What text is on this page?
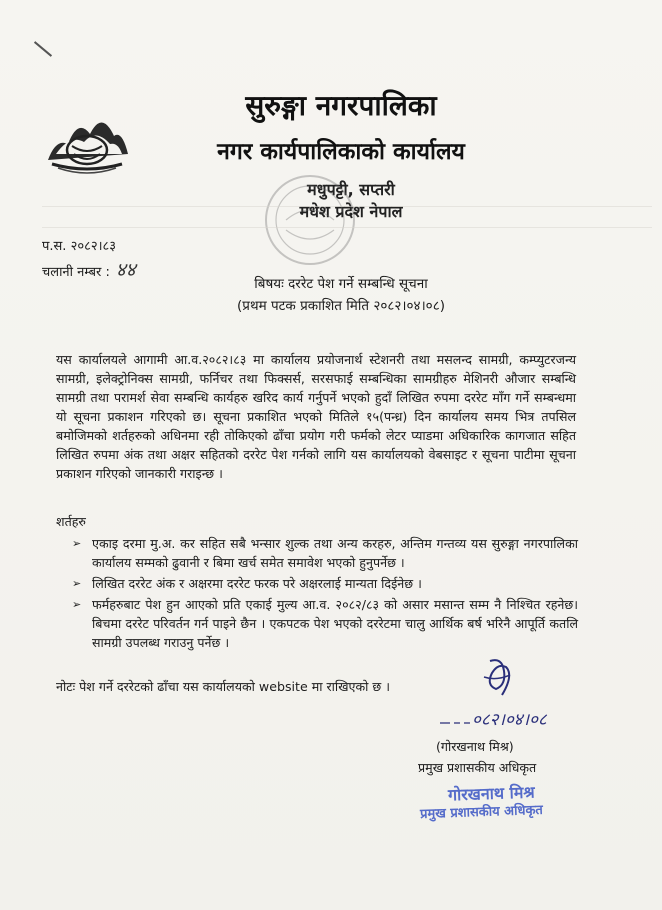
सुरुङ्गा नगरपालिका
नगर कार्यपालिकाको कार्यालय
मधुपट्टी, सप्तरी
मधेश प्रदेश नेपाल
प.स. २०८२।८३
चलानी नम्बर : ४४
बिषयः दररेट पेश गर्ने सम्बन्धि सूचना
(प्रथम पटक प्रकाशित मिति २०८२।०४।०८)
यस कार्यालयले आगामी आ.व.२०८२।८३ मा कार्यालय प्रयोजनार्थ स्टेशनरी तथा मसलन्द सामग्री, कम्प्युटरजन्य सामग्री, इलेक्ट्रोनिक्स सामग्री, फर्निचर तथा फिक्सर्स, सरसफाई सम्बन्धिका सामग्रीहरु मेशिनरी औजार सम्बन्धि सामग्री तथा परामर्श सेवा सम्बन्धि कार्यहरु खरिद कार्य गर्नुपर्ने भएको हुदाँ लिखित रुपमा दररेट माँग गर्ने सम्बन्धमा यो सूचना प्रकाशन गरिएको छ। सूचना प्रकाशित भएको मितिले १५(पन्ध्र) दिन कार्यालय समय भित्र तपसिल बमोजिमको शर्तहरुको अधिनमा रही तोकिएको ढाँचा प्रयोग गरी फर्मको लेटर प्याडमा अधिकारिक कागजात सहित लिखित रुपमा अंक तथा अक्षर सहितको दररेट पेश गर्नको लागि यस कार्यालयको वेबसाइट र सूचना पाटीमा सूचना प्रकाशन गरिएको जानकारी गराइन्छ ।
शर्तहरु
➢ एकाइ दरमा मु.अ. कर सहित सबै भन्सार शुल्क तथा अन्य करहरु, अन्तिम गन्तव्य यस सुरुङ्गा नगरपालिका कार्यालय सम्मको ढुवानी र बिमा खर्च समेत समावेश भएको हुनुपर्नेछ ।
➢ लिखित दररेट अंक र अक्षरमा दररेट फरक परे अक्षरलाई मान्यता दिईनेछ ।
➢ फर्महरुबाट पेश हुन आएको प्रति एकाई मुल्य आ.व. २०८२/८३ को असार मसान्त सम्म नै निश्चित रहनेछ। बिचमा दररेट परिवर्तन गर्न पाइने छैन । एकपटक पेश भएको दररेटमा चालु आर्थिक बर्ष भरिनै आपूर्ति कतलि सामग्री उपलब्ध गराउनु पर्नेछ ।
नोटः पेश गर्ने दररेटको ढाँचा यस कार्यालयको website मा राखिएको छ ।
०८२।०४।०८
(गोरखनाथ मिश्र)
प्रमुख प्रशासकीय अधिकृत
गोरखनाथ मिश्र
प्रमुख प्रशासकीय अधिकृत
